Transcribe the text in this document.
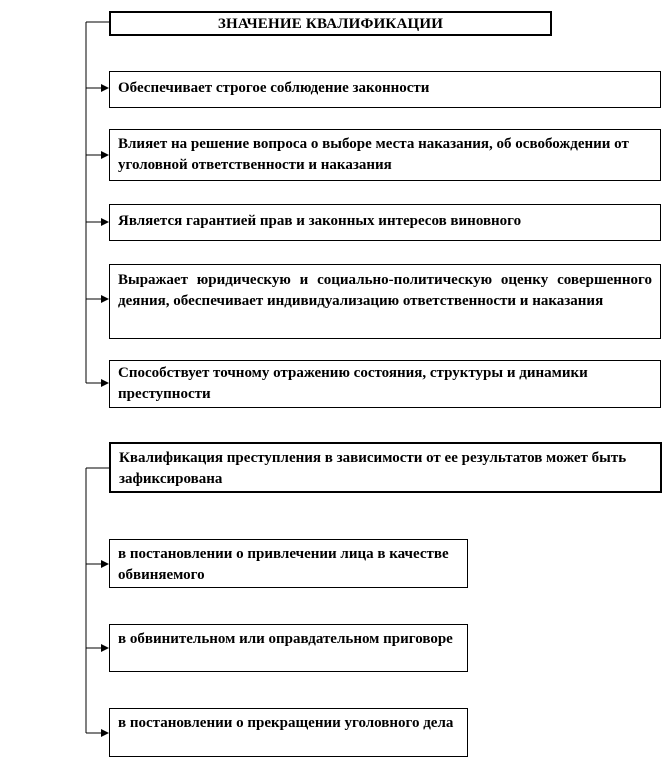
ЗНАЧЕНИЕ КВАЛИФИКАЦИИ
Обеспечивает строгое соблюдение законности
Влияет на решение вопроса о выборе места наказания, об освобождении от уголовной ответственности и наказания
Является гарантией прав и законных интересов виновного
Выражает юридическую и социально-политическую оценку совершенного деяния, обеспечивает индивидуализацию ответственности и наказания
Способствует точному отражению состояния, структуры и динамики преступности
Квалификация преступления в зависимости от ее результатов может быть зафиксирована
в постановлении о привлечении лица в качестве обвиняемого
в обвинительном или оправдательном приговоре
в постановлении о прекращении уголовного дела
